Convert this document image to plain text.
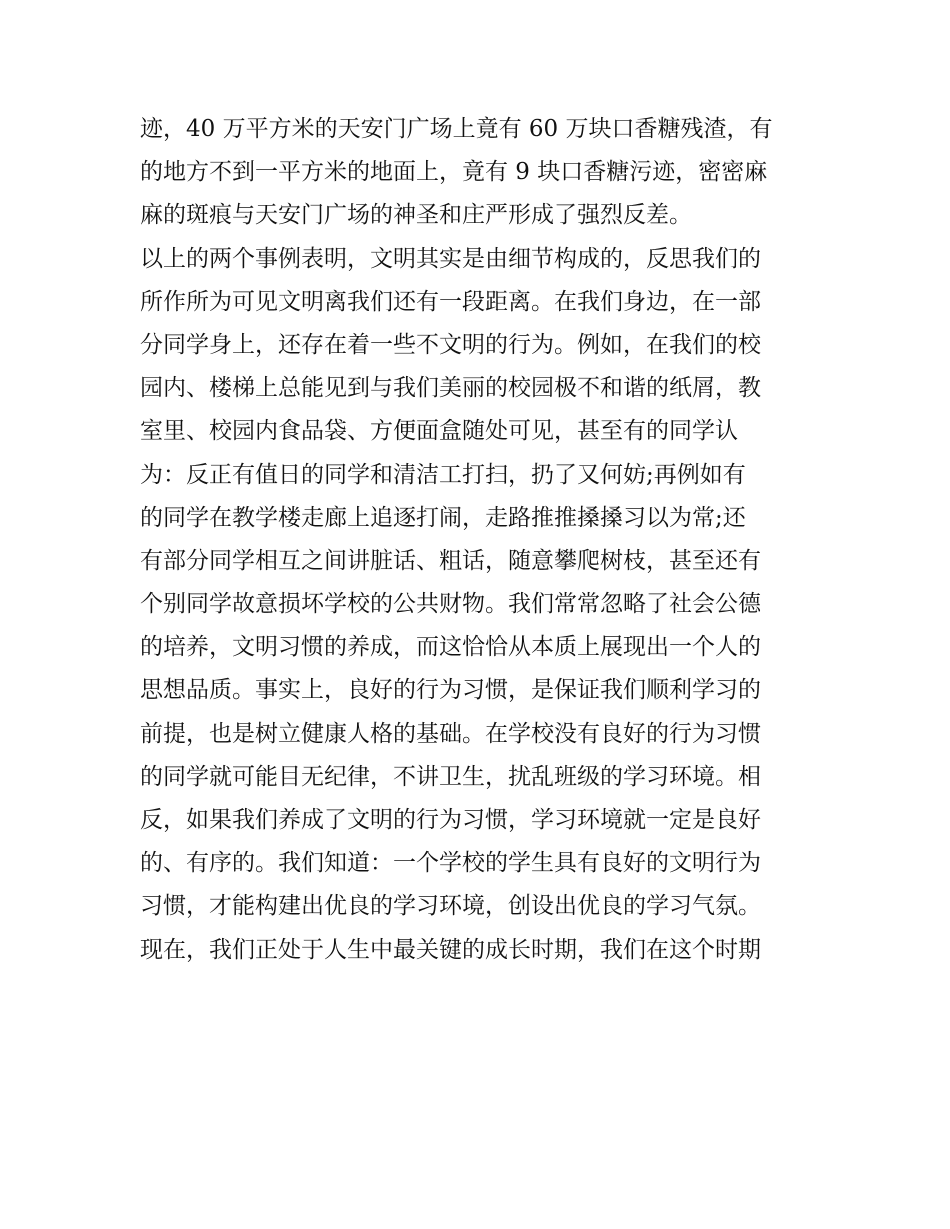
迹，40 万平方米的天安门广场上竟有 60 万块口香糖残渣，有
的地方不到一平方米的地面上，竟有 9 块口香糖污迹，密密麻
麻的斑痕与天安门广场的神圣和庄严形成了强烈反差。
以上的两个事例表明，文明其实是由细节构成的，反思我们的
所作所为可见文明离我们还有一段距离。在我们身边，在一部
分同学身上，还存在着一些不文明的行为。例如，在我们的校
园内、楼梯上总能见到与我们美丽的校园极不和谐的纸屑，教
室里、校园内食品袋、方便面盒随处可见，甚至有的同学认
为：反正有值日的同学和清洁工打扫，扔了又何妨;再例如有
的同学在教学楼走廊上追逐打闹，走路推推搡搡习以为常;还
有部分同学相互之间讲脏话、粗话，随意攀爬树枝，甚至还有
个别同学故意损坏学校的公共财物。我们常常忽略了社会公德
的培养，文明习惯的养成，而这恰恰从本质上展现出一个人的
思想品质。事实上，良好的行为习惯，是保证我们顺利学习的
前提，也是树立健康人格的基础。在学校没有良好的行为习惯
的同学就可能目无纪律，不讲卫生，扰乱班级的学习环境。相
反，如果我们养成了文明的行为习惯，学习环境就一定是良好
的、有序的。我们知道：一个学校的学生具有良好的文明行为
习惯，才能构建出优良的学习环境，创设出优良的学习气氛。
现在，我们正处于人生中最关键的成长时期，我们在这个时期
